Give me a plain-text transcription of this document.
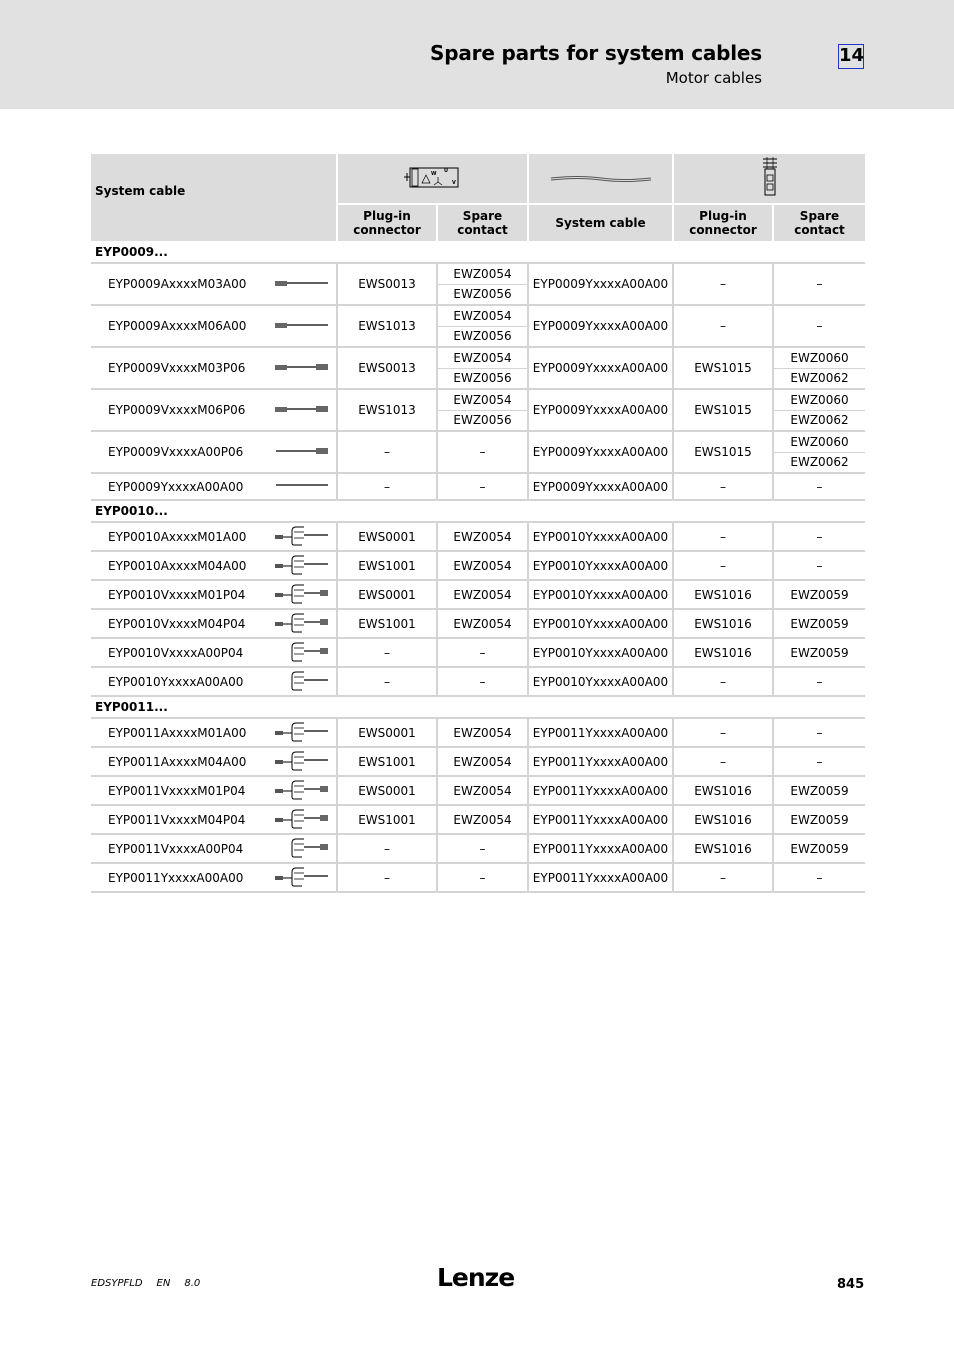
Spare parts for system cables
Motor cables
14
System cable		W U
V

		Plug-in connector	Spare contact	System cable	Plug-in connector	Spare contact
EYP0009...						
EYP0009AxxxxM03A00		EWS0013	EWZ0054	EYP0009YxxxxA00A00	–	–
			EWZ0056			
EYP0009AxxxxM06A00		EWS1013	EWZ0054	EYP0009YxxxxA00A00	–	–
			EWZ0056			
EYP0009VxxxxM03P06		EWS0013	EWZ0054	EYP0009YxxxxA00A00	EWS1015	EWZ0060
			EWZ0056			EWZ0062
EYP0009VxxxxM06P06		EWS1013	EWZ0054	EYP0009YxxxxA00A00	EWS1015	EWZ0060
			EWZ0056			EWZ0062
EYP0009VxxxxA00P06		–	–	EYP0009YxxxxA00A00	EWS1015	EWZ0060
						EWZ0062
EYP0009YxxxxA00A00		–	–	EYP0009YxxxxA00A00	–	–
EYP0010...						
EYP0010AxxxxM01A00		EWS0001	EWZ0054	EYP0010YxxxxA00A00	–	–
EYP0010AxxxxM04A00		EWS1001	EWZ0054	EYP0010YxxxxA00A00	–	–
EYP0010VxxxxM01P04		EWS0001	EWZ0054	EYP0010YxxxxA00A00	EWS1016	EWZ0059
EYP0010VxxxxM04P04		EWS1001	EWZ0054	EYP0010YxxxxA00A00	EWS1016	EWZ0059
EYP0010VxxxxA00P04		–	–	EYP0010YxxxxA00A00	EWS1016	EWZ0059
EYP0010YxxxxA00A00		–	–	EYP0010YxxxxA00A00	–	–
EYP0011...						
EYP0011AxxxxM01A00		EWS0001	EWZ0054	EYP0011YxxxxA00A00	–	–
EYP0011AxxxxM04A00		EWS1001	EWZ0054	EYP0011YxxxxA00A00	–	–
EYP0011VxxxxM01P04		EWS0001	EWZ0054	EYP0011YxxxxA00A00	EWS1016	EWZ0059
EYP0011VxxxxM04P04		EWS1001	EWZ0054	EYP0011YxxxxA00A00	EWS1016	EWZ0059
EYP0011VxxxxA00P04		–	–	EYP0011YxxxxA00A00	EWS1016	EWZ0059
EYP0011YxxxxA00A00		–	–	EYP0011YxxxxA00A00	–	–
EDSYPFLD EN 8.0	Lenze	845
